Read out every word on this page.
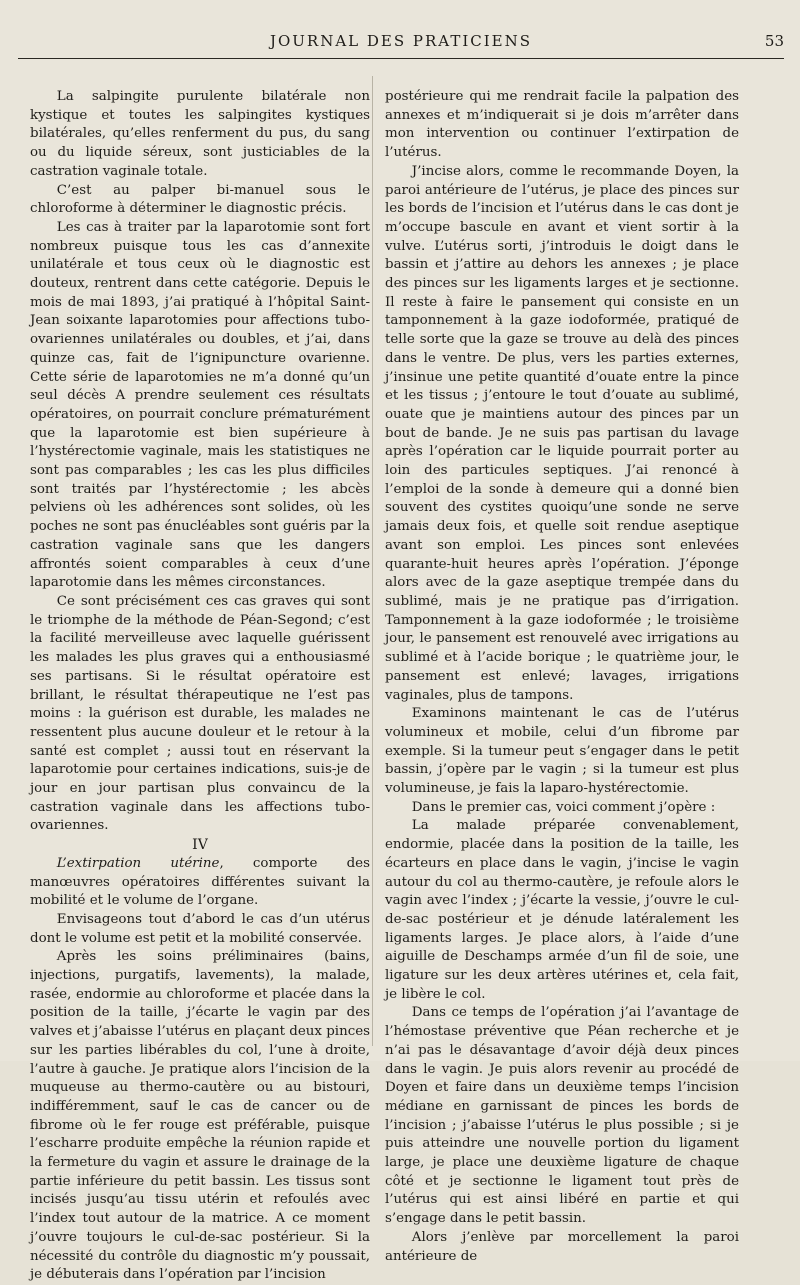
JOURNAL DES PRATICIENS	53

La salpingite purulente bilatérale non kystique et toutes les salpingites kystiques bilatérales, qu’elles renferment du pus, du sang ou du liquide séreux, sont justiciables de la castration vaginale totale.

C’est au palper bi-manuel sous le chloroforme à déterminer le diagnostic précis.

Les cas à traiter par la laparotomie sont fort nombreux puisque tous les cas d’annexite unilatérale et tous ceux où le diagnostic est douteux, rentrent dans cette catégorie. Depuis le mois de mai 1893, j’ai pratiqué à l’hôpital Saint-Jean soixante laparotomies pour affections tubo-ovariennes unilatérales ou doubles, et j’ai, dans quinze cas, fait de l’ignipuncture ovarienne. Cette série de laparotomies ne m’a donné qu’un seul décès A prendre seulement ces résultats opératoires, on pourrait conclure prématurément que la laparotomie est bien supérieure à l’hystérectomie vaginale, mais les statistiques ne sont pas comparables ; les cas les plus difficiles sont traités par l’hystérectomie ; les abcès pelviens où les adhérences sont solides, où les poches ne sont pas énucléables sont guéris par la castration vaginale sans que les dangers affrontés soient comparables à ceux d’une laparotomie dans les mêmes circonstances.

Ce sont précisément ces cas graves qui sont le triomphe de la méthode de Péan-Segond; c’est la facilité merveilleuse avec laquelle guérissent les malades les plus graves qui a enthousiasmé ses partisans. Si le résultat opératoire est brillant, le résultat thérapeutique ne l’est pas moins : la guérison est durable, les malades ne ressentent plus aucune douleur et le retour à la santé est complet ; aussi tout en réservant la laparotomie pour certaines indications, suis-je de jour en jour partisan plus convaincu de la castration vaginale dans les affections tubo-ovariennes.

IV

L’extirpation utérine, comporte des manœuvres opératoires différentes suivant la mobilité et le volume de l’organe.

Envisageons tout d’abord le cas d’un utérus dont le volume est petit et la mobilité conservée.

Après les soins préliminaires (bains, injections, purgatifs, lavements), la malade, rasée, endormie au chloroforme et placée dans la position de la taille, j’écarte le vagin par des valves et j’abaisse l’utérus en plaçant deux pinces sur les parties libérables du col, l’une à droite, l’autre à gauche. Je pratique alors l’incision de la muqueuse au thermo-cautère ou au bistouri, indifféremment, sauf le cas de cancer ou de fibrome où le fer rouge est préférable, puisque l’escharre produite empêche la réunion rapide et la fermeture du vagin et assure le drainage de la partie inférieure du petit bassin. Les tissus sont incisés jusqu’au tissu utérin et refoulés avec l’index tout autour de la matrice. A ce moment j’ouvre toujours le cul-de-sac postérieur. Si la nécessité du contrôle du diagnostic m’y poussait, je débuterais dans l’opération par l’incision

postérieure qui me rendrait facile la palpation des annexes et m’indiquerait si je dois m’arrêter dans mon intervention ou continuer l’extirpation de l’utérus.

J’incise alors, comme le recommande Doyen, la paroi antérieure de l’utérus, je place des pinces sur les bords de l’incision et l’utérus dans le cas dont je m’occupe bascule en avant et vient sortir à la vulve. L’utérus sorti, j’introduis le doigt dans le bassin et j’attire au dehors les annexes ; je place des pinces sur les ligaments larges et je sectionne. Il reste à faire le pansement qui consiste en un tamponnement à la gaze iodoformée, pratiqué de telle sorte que la gaze se trouve au delà des pinces dans le ventre. De plus, vers les parties externes, j’insinue une petite quantité d’ouate entre la pince et les tissus ; j’entoure le tout d’ouate au sublimé, ouate que je maintiens autour des pinces par un bout de bande. Je ne suis pas partisan du lavage après l’opération car le liquide pourrait porter au loin des particules septiques. J’ai renoncé à l’emploi de la sonde à demeure qui a donné bien souvent des cystites quoiqu’une sonde ne serve jamais deux fois, et quelle soit rendue aseptique avant son emploi. Les pinces sont enlevées quarante-huit heures après l’opération. J’éponge alors avec de la gaze aseptique trempée dans du sublimé, mais je ne pratique pas d’irrigation. Tamponnement à la gaze iodoformée ; le troisième jour, le pansement est renouvelé avec irrigations au sublimé et à l’acide borique ; le quatrième jour, le pansement est enlevé; lavages, irrigations vaginales, plus de tampons.

Examinons maintenant le cas de l’utérus volumineux et mobile, celui d’un fibrome par exemple. Si la tumeur peut s’engager dans le petit bassin, j’opère par le vagin ; si la tumeur est plus volumineuse, je fais la laparo-hystérectomie.

Dans le premier cas, voici comment j’opère :

La malade préparée convenablement, endormie, placée dans la position de la taille, les écarteurs en place dans le vagin, j’incise le vagin autour du col au thermo-cautère, je refoule alors le vagin avec l’index ; j’écarte la vessie, j’ouvre le cul-de-sac postérieur et je dénude latéralement les ligaments larges. Je place alors, à l’aide d’une aiguille de Deschamps armée d’un fil de soie, une ligature sur les deux artères utérines et, cela fait, je libère le col.

Dans ce temps de l’opération j’ai l’avantage de l’hémostase préventive que Péan recherche et je n’ai pas le désavantage d’avoir déjà deux pinces dans le vagin. Je puis alors revenir au procédé de Doyen et faire dans un deuxième temps l’incision médiane en garnissant de pinces les bords de l’incision ; j’abaisse l’utérus le plus possible ; si je puis atteindre une nouvelle portion du ligament large, je place une deuxième ligature de chaque côté et je sectionne le ligament tout près de l’utérus qui est ainsi libéré en partie et qui s’engage dans le petit bassin.

Alors j’enlève par morcellement la paroi antérieure de
